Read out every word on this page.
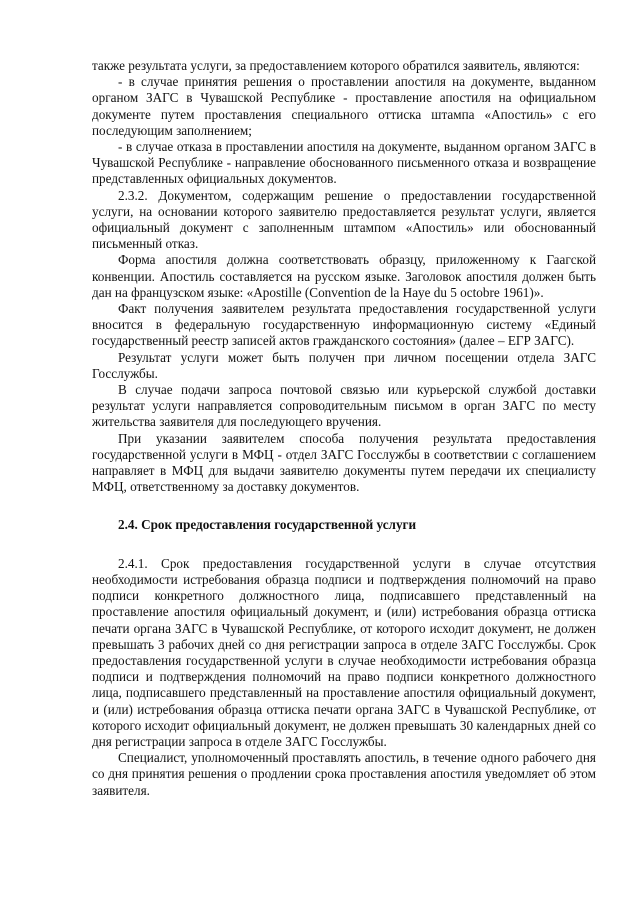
также результата услуги, за предоставлением которого обратился заявитель, являются:

- в случае принятия решения о проставлении апостиля на документе, выданном органом ЗАГС в Чувашской Республике - проставление апостиля на официальном документе путем проставления специального оттиска штампа «Апостиль» с его последующим заполнением;

- в случае отказа в проставлении апостиля на документе, выданном органом ЗАГС в Чувашской Республике - направление обоснованного письменного отказа и возвращение представленных официальных документов.

2.3.2. Документом, содержащим решение о предоставлении государственной услуги, на основании которого заявителю предоставляется результат услуги, является официальный документ с заполненным штампом «Апостиль» или обоснованный письменный отказ.

Форма апостиля должна соответствовать образцу, приложенному к Гаагской конвенции. Апостиль составляется на русском языке. Заголовок апостиля должен быть дан на французском языке: «Apostille (Convention de la Haye du 5 octobre 1961)».

Факт получения заявителем результата предоставления государственной услуги вносится в федеральную государственную информационную систему «Единый государственный реестр записей актов гражданского состояния» (далее – ЕГР ЗАГС).

Результат услуги может быть получен при личном посещении отдела ЗАГС Госслужбы.

В случае подачи запроса почтовой связью или курьерской службой доставки результат услуги направляется сопроводительным письмом в орган ЗАГС по месту жительства заявителя для последующего вручения.

При указании заявителем способа получения результата предоставления государственной услуги в МФЦ - отдел ЗАГС Госслужбы в соответствии с соглашением направляет в МФЦ для выдачи заявителю документы путем передачи их специалисту МФЦ, ответственному за доставку документов.

2.4. Срок предоставления государственной услуги

2.4.1. Срок предоставления государственной услуги в случае отсутствия необходимости истребования образца подписи и подтверждения полномочий на право подписи конкретного должностного лица, подписавшего представленный на проставление апостиля официальный документ, и (или) истребования образца оттиска печати органа ЗАГС в Чувашской Республике, от которого исходит документ, не должен превышать 3 рабочих дней со дня регистрации запроса в отделе ЗАГС Госслужбы. Срок предоставления государственной услуги в случае необходимости истребования образца подписи и подтверждения полномочий на право подписи конкретного должностного лица, подписавшего представленный на проставление апостиля официальный документ, и (или) истребования образца оттиска печати органа ЗАГС в Чувашской Республике, от которого исходит официальный документ, не должен превышать 30 календарных дней со дня регистрации запроса в отделе ЗАГС Госслужбы.

Специалист, уполномоченный проставлять апостиль, в течение одного рабочего дня со дня принятия решения о продлении срока проставления апостиля уведомляет об этом заявителя.
